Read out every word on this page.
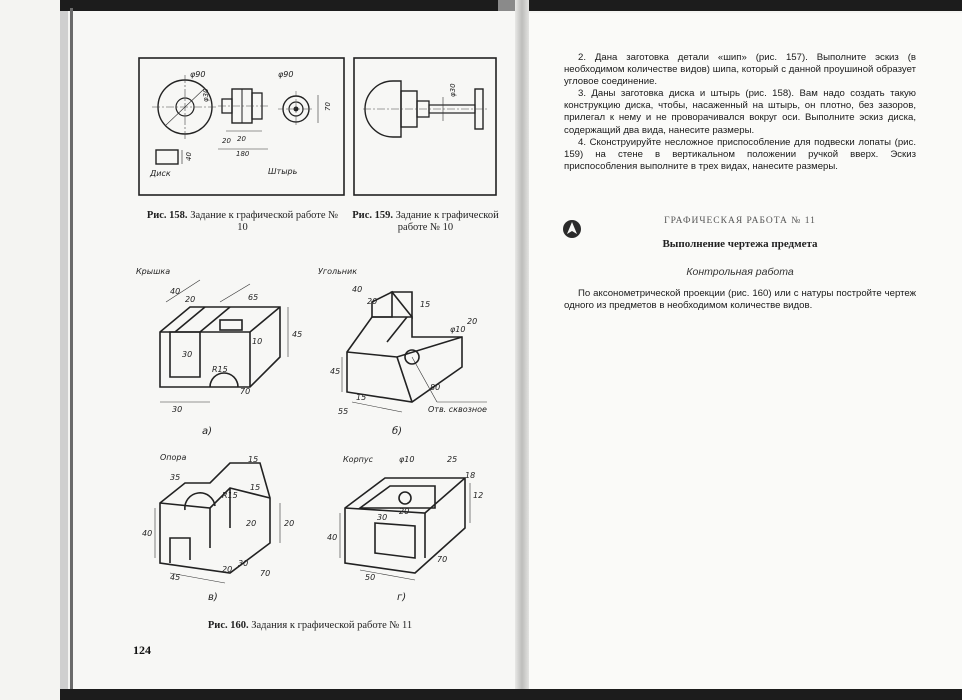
φ90
φ30
40
Диск
20 20
180
φ90
70
Штырь
Рис. 158. Задание к графической работе № 10
φ30
Рис. 159. Задание к графической работе № 10
Крышка
40
20	65
45
30
10
R15
70
30
а)
Угольник
40
20	15
φ10
20
45
15
55
80
Отв. сквозное
б)
Опора
35
15
R15
15
20
40
20
45
20
30
70
в)
Корпус	φ10	25
18
12
30
20
40
50
70
г)
Рис. 160. Задания к графической работе № 11
124

2. Дана заготовка детали «шип» (рис. 157). Выполните эскиз (в необходимом количестве видов) шипа, который с данной проушиной образует угловое соединение.

3. Даны заготовка диска и штырь (рис. 158). Вам надо создать такую конструкцию диска, чтобы, насаженный на штырь, он плотно, без зазоров, прилегал к нему и не проворачивался вокруг оси. Выполните эскиз диска, содержащий два вида, нанесите размеры.

4. Сконструируйте несложное приспособление для подвески лопаты (рис. 159) на стене в вертикальном положении ручкой вверх. Эскиз приспособления выполните в трех видах, нанесите размеры.

ГРАФИЧЕСКАЯ РАБОТА № 11
Выполнение чертежа предмета
Контрольная работа

По аксонометрической проекции (рис. 160) или с натуры постройте чертеж одного из предметов в необходимом количестве видов.
